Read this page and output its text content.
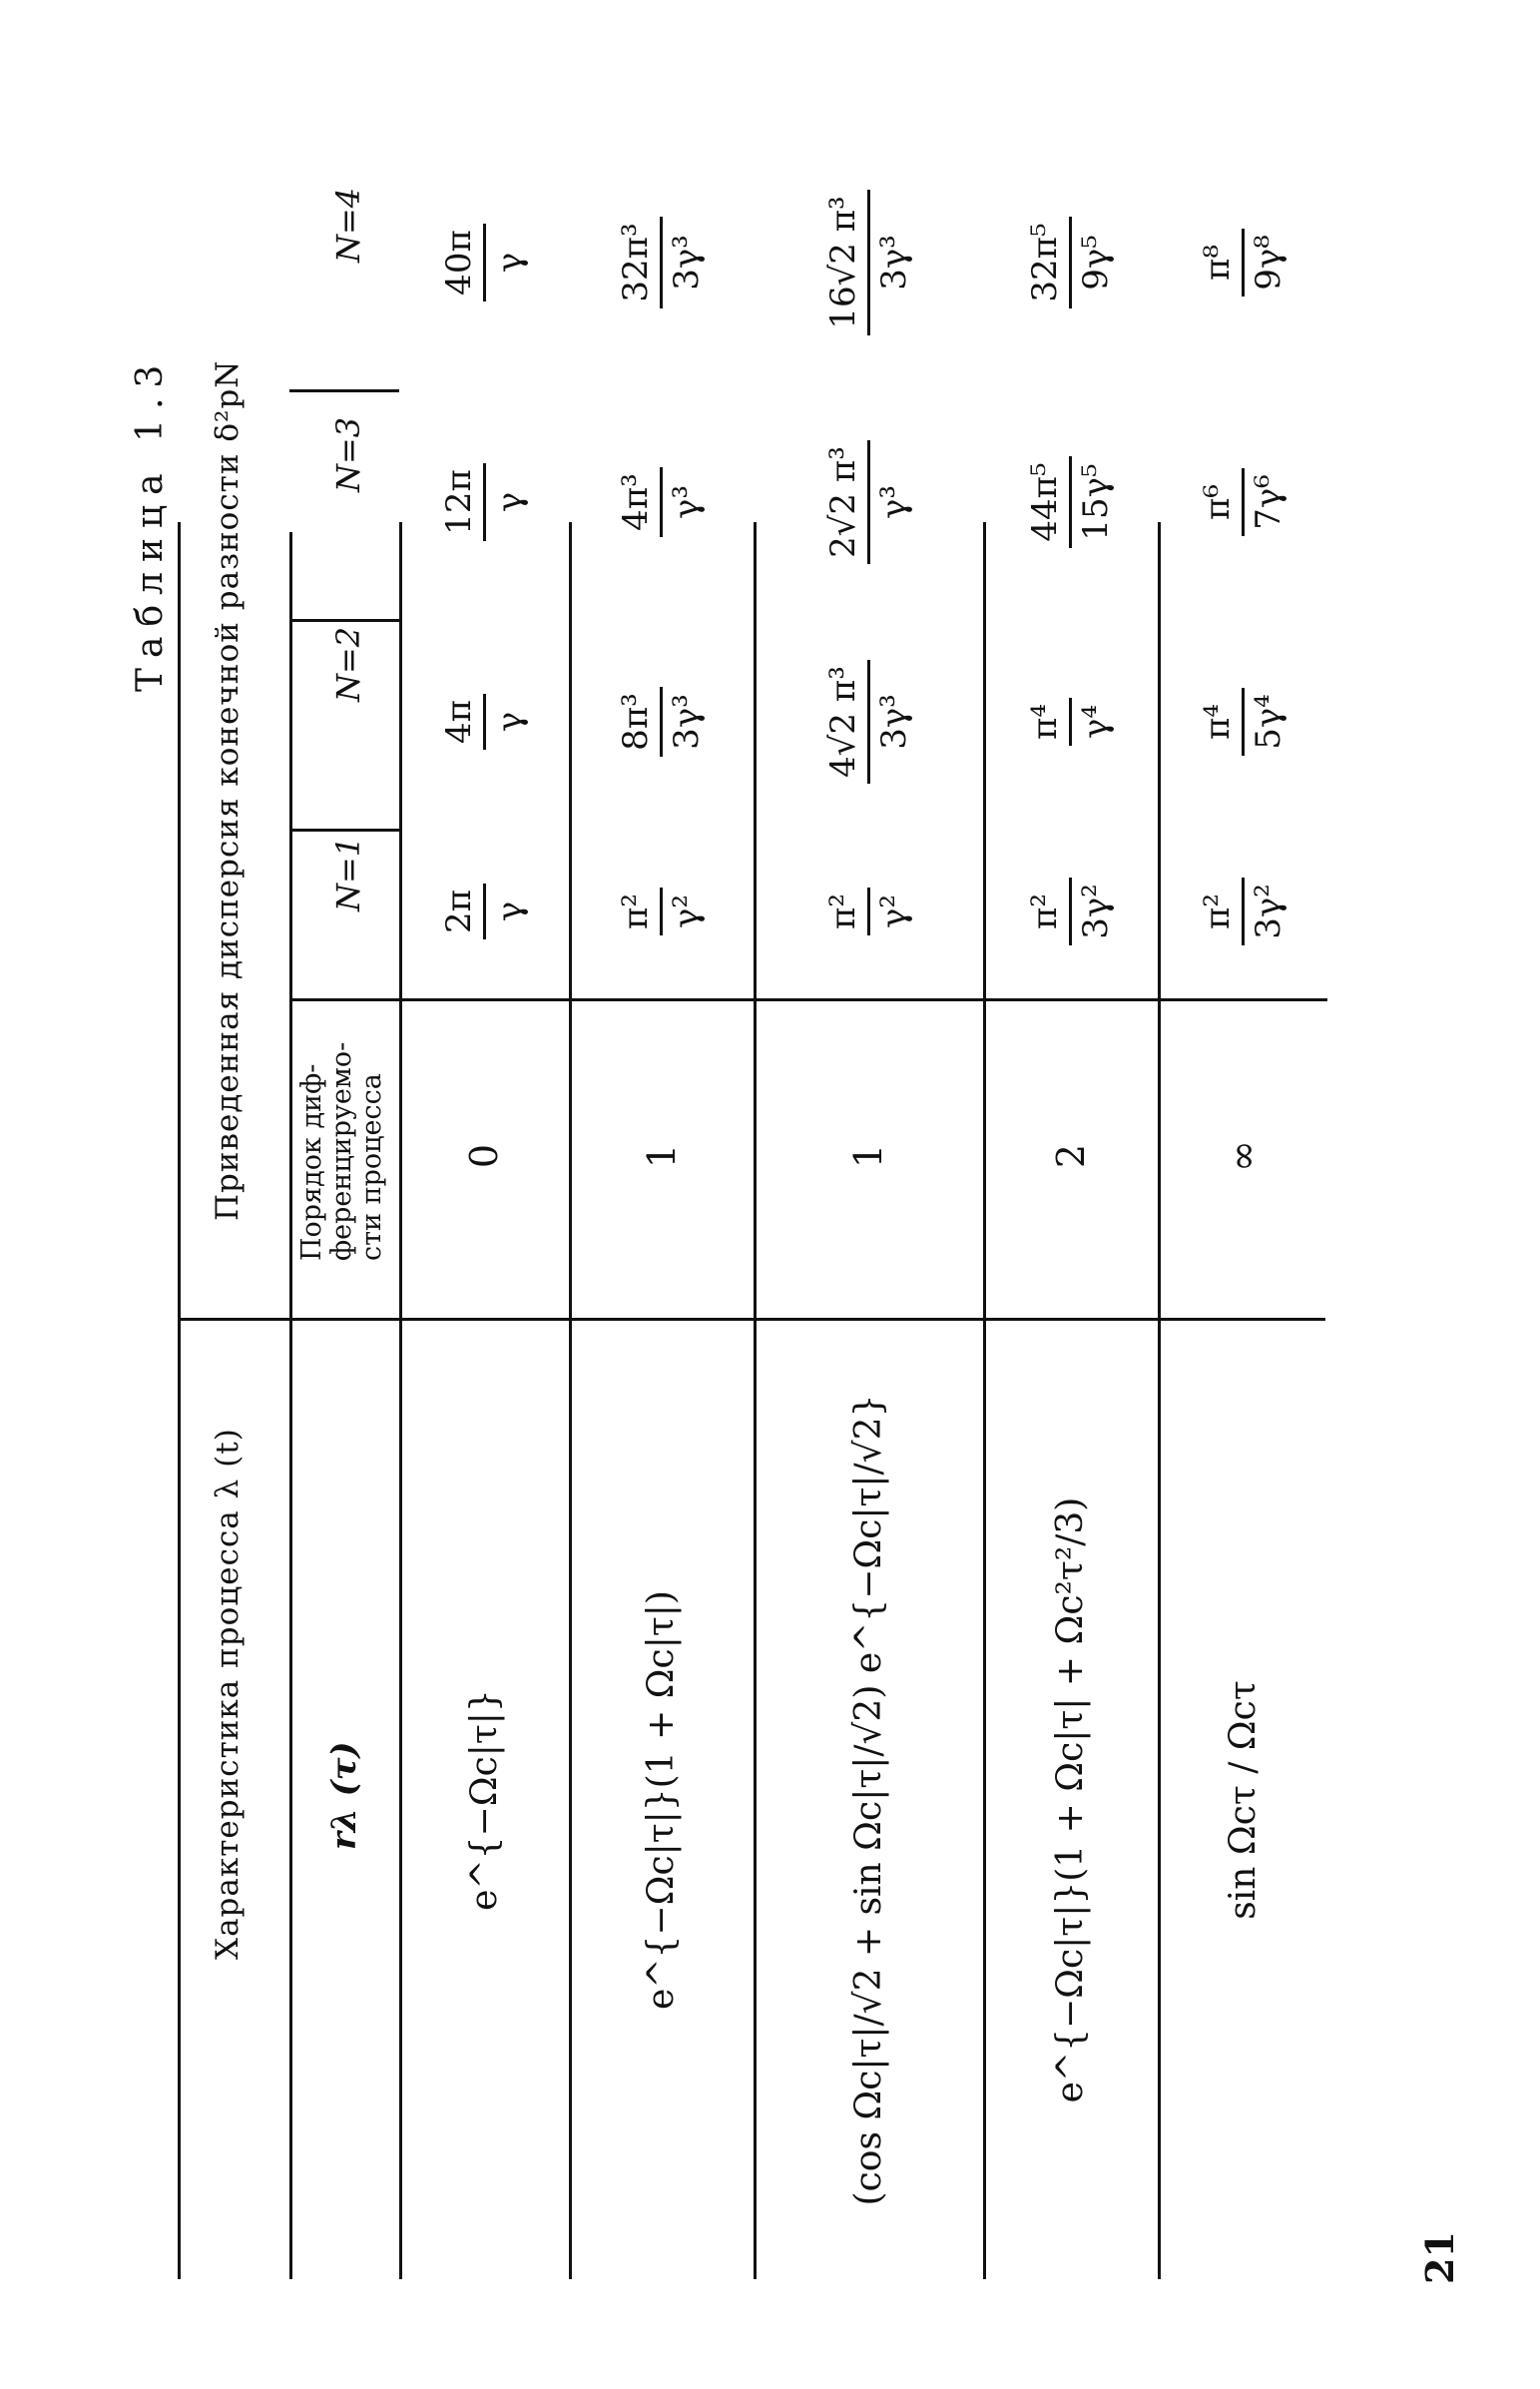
Таблица 1.3
Характеристика процесса λ (t)
Приведенная дисперсия конечной разности δ²pN
rλ (τ)
Порядок диф-ференцируемо-сти процесса
N=1
N=2
N=3
N=4
e^{−Ωc|τ|}
0
2π γ
4π γ
12π γ
40π γ
e^{−Ωc|τ|}(1 + Ωc|τ|)
1
π² γ²
8π³ 3γ³
4π³ γ³
32π³ 3γ³
(cos Ωc|τ|/√2 + sin Ωc|τ|/√2) e^{−Ωc|τ|/√2}
1
π² γ²
4√2 π³ 3γ³
2√2 π³ γ³
16√2 π³ 3γ³
e^{−Ωc|τ|}(1 + Ωc|τ| + Ωc²τ²/3)
2
π² 3γ²
π⁴ γ⁴
44π⁵ 15γ⁵
32π⁵ 9γ⁵
sin Ωcτ / Ωcτ
∞
π² 3γ²
π⁴ 5γ⁴
π⁶ 7γ⁶
π⁸ 9γ⁸
21
